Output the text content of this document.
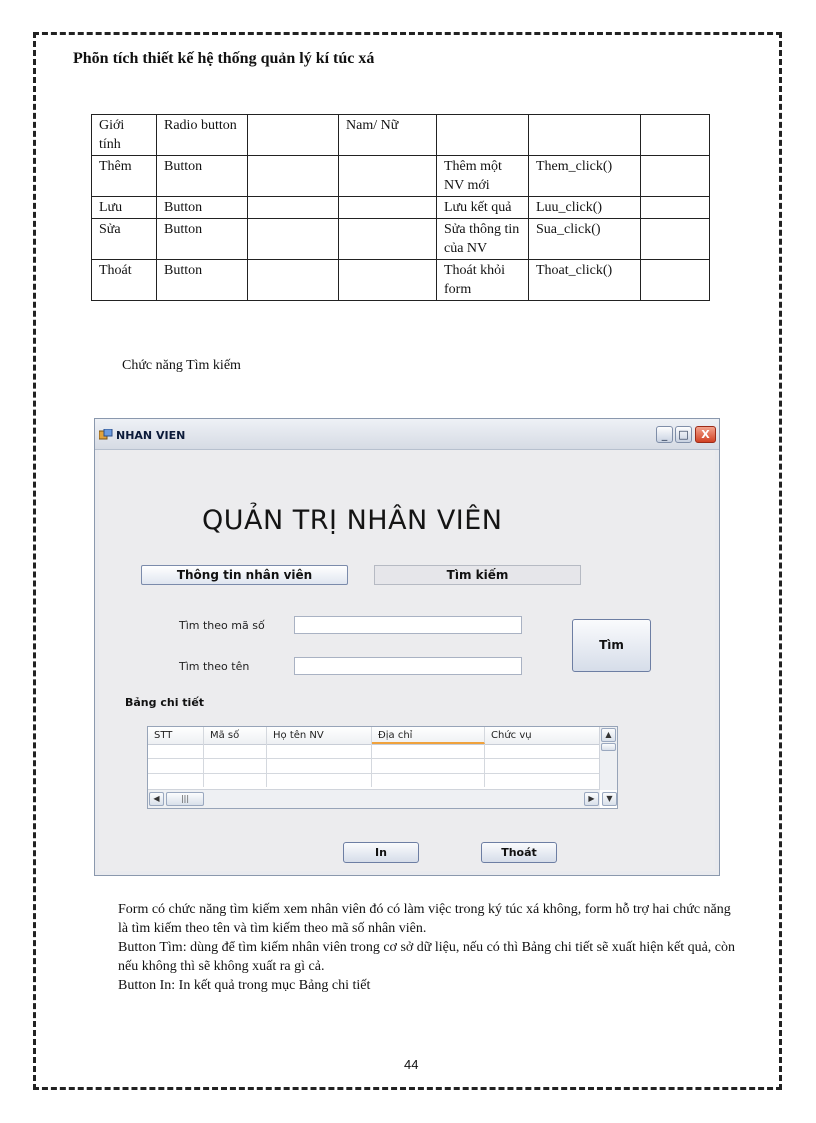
Phõn tích thiết kế hệ thống quản lý kí túc xá
Giới tính	Radio button		Nam/ Nữ			
Thêm	Button			Thêm một NV mới	Them_click()	
Lưu	Button			Lưu kết quả	Luu_click()	
Sửa	Button			Sửa thông tin của NV	Sua_click()	
Thoát	Button			Thoát khỏi form	Thoat_click()	
Chức năng Tìm kiếm
NHAN VIEN	_	□	X
QUẢN TRỊ NHÂN VIÊN
Thông tin nhân viên	Tìm kiếm
Tìm theo mã số
Tìm theo tên
Tìm
Bảng chi tiết
STT	Mã số	Họ tên NV	Địa chỉ	Chức vụ	▲
◀	|||	▶	▼
In	Thoát

Form có chức năng tìm kiếm xem nhân viên đó có làm việc trong ký túc xá không, form hỗ trợ hai chức năng là tìm kiếm theo tên và tìm kiếm theo mã số nhân viên.

Button Tìm: dùng để tìm kiếm nhân viên trong cơ sở dữ liệu, nếu có thì Bảng chi tiết sẽ xuất hiện kết quả, còn nếu không thì sẽ không xuất ra gì cả.

Button In: In kết quả trong mục Bảng chi tiết

44
